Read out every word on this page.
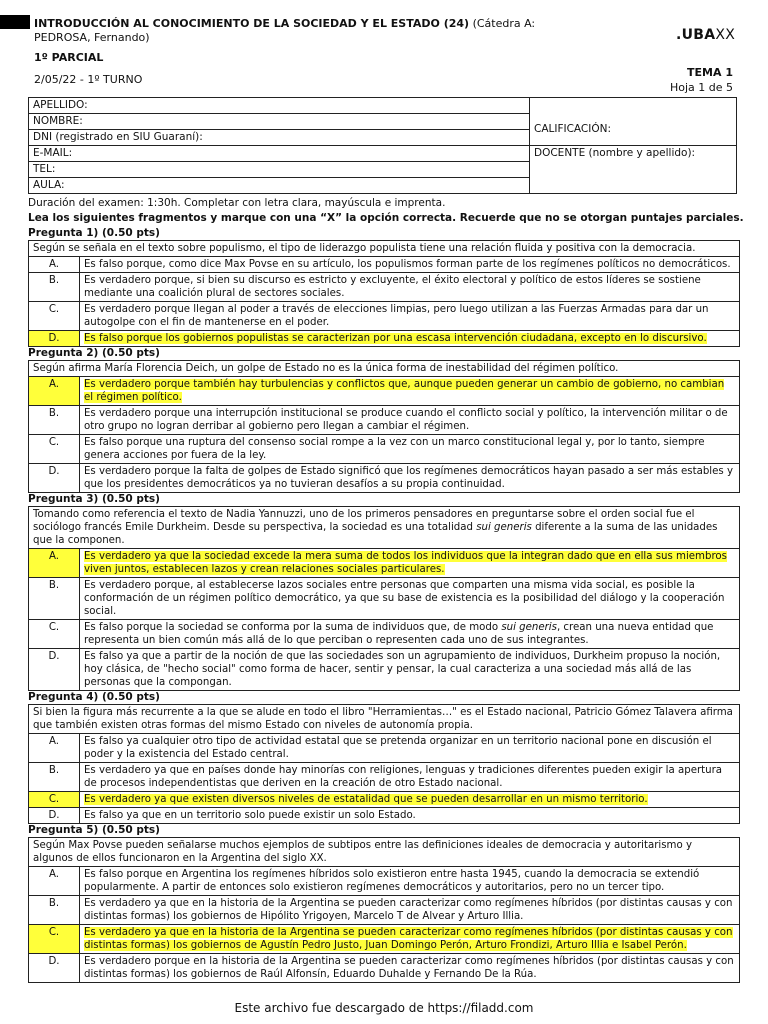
INTRODUCCIÓN AL CONOCIMIENTO DE LA SOCIEDAD Y EL ESTADO (24) (Cátedra A: PEDROSA, Fernando)
1º PARCIAL
2/05/22 - 1º TURNO
.UBAXX
TEMA 1
Hoja 1 de 5
APELLIDO:	
NOMBRE:	CALIFICACIÓN:
DNI (registrado en SIU Guaraní):	
E-MAIL:	DOCENTE (nombre y apellido):
TEL:	
AULA:	
Duración del examen: 1:30h. Completar con letra clara, mayúscula e imprenta.
Lea los siguientes fragmentos y marque con una “X” la opción correcta. Recuerde que no se otorgan puntajes parciales.
Pregunta 1) (0.50 pts)
Según se señala en el texto sobre populismo, el tipo de liderazgo populista tiene una relación fluida y positiva con la democracia.
A.	Es falso porque, como dice Max Povse en su artículo, los populismos forman parte de los regímenes políticos no democráticos.
B.	Es verdadero porque, si bien su discurso es estricto y excluyente, el éxito electoral y político de estos líderes se sostiene mediante una coalición plural de sectores sociales.
C.	Es verdadero porque llegan al poder a través de elecciones limpias, pero luego utilizan a las Fuerzas Armadas para dar un autogolpe con el fin de mantenerse en el poder.
D.	Es falso porque los gobiernos populistas se caracterizan por una escasa intervención ciudadana, excepto en lo discursivo.
Pregunta 2) (0.50 pts)
Según afirma María Florencia Deich, un golpe de Estado no es la única forma de inestabilidad del régimen político.
A.	Es verdadero porque también hay turbulencias y conflictos que, aunque pueden generar un cambio de gobierno, no cambian el régimen político.
B.	Es verdadero porque una interrupción institucional se produce cuando el conflicto social y político, la intervención militar o de otro grupo no logran derribar al gobierno pero llegan a cambiar el régimen.
C.	Es falso porque una ruptura del consenso social rompe a la vez con un marco constitucional legal y, por lo tanto, siempre genera acciones por fuera de la ley.
D.	Es verdadero porque la falta de golpes de Estado significó que los regímenes democráticos hayan pasado a ser más estables y que los presidentes democráticos ya no tuvieran desafíos a su propia continuidad.
Pregunta 3) (0.50 pts)
Tomando como referencia el texto de Nadia Yannuzzi, uno de los primeros pensadores en preguntarse sobre el orden social fue el sociólogo francés Emile Durkheim. Desde su perspectiva, la sociedad es una totalidad sui generis diferente a la suma de las unidades que la componen.
A.	Es verdadero ya que la sociedad excede la mera suma de todos los individuos que la integran dado que en ella sus miembros viven juntos, establecen lazos y crean relaciones sociales particulares.
B.	Es verdadero porque, al establecerse lazos sociales entre personas que comparten una misma vida social, es posible la conformación de un régimen político democrático, ya que su base de existencia es la posibilidad del diálogo y la cooperación social.
C.	Es falso porque la sociedad se conforma por la suma de individuos que, de modo sui generis, crean una nueva entidad que representa un bien común más allá de lo que perciban o representen cada uno de sus integrantes.
D.	Es falso ya que a partir de la noción de que las sociedades son un agrupamiento de individuos, Durkheim propuso la noción, hoy clásica, de "hecho social" como forma de hacer, sentir y pensar, la cual caracteriza a una sociedad más allá de las personas que la compongan.
Pregunta 4) (0.50 pts)
Si bien la figura más recurrente a la que se alude en todo el libro "Herramientas…" es el Estado nacional, Patricio Gómez Talavera afirma que también existen otras formas del mismo Estado con niveles de autonomía propia.
A.	Es falso ya cualquier otro tipo de actividad estatal que se pretenda organizar en un territorio nacional pone en discusión el poder y la existencia del Estado central.
B.	Es verdadero ya que en países donde hay minorías con religiones, lenguas y tradiciones diferentes pueden exigir la apertura de procesos independentistas que deriven en la creación de otro Estado nacional.
C.	Es verdadero ya que existen diversos niveles de estatalidad que se pueden desarrollar en un mismo territorio.
D.	Es falso ya que en un territorio solo puede existir un solo Estado.
Pregunta 5) (0.50 pts)
Según Max Povse pueden señalarse muchos ejemplos de subtipos entre las definiciones ideales de democracia y autoritarismo y algunos de ellos funcionaron en la Argentina del siglo XX.
A.	Es falso porque en Argentina los regímenes híbridos solo existieron entre hasta 1945, cuando la democracia se extendió popularmente. A partir de entonces solo existieron regímenes democráticos y autoritarios, pero no un tercer tipo.
B.	Es verdadero ya que en la historia de la Argentina se pueden caracterizar como regímenes híbridos (por distintas causas y con distintas formas) los gobiernos de Hipólito Yrigoyen, Marcelo T de Alvear y Arturo Illia.
C.	Es verdadero ya que en la historia de la Argentina se pueden caracterizar como regímenes híbridos (por distintas causas y con distintas formas) los gobiernos de Agustín Pedro Justo, Juan Domingo Perón, Arturo Frondizi, Arturo Illia e Isabel Perón.
D.	Es verdadero porque en la historia de la Argentina se pueden caracterizar como regímenes híbridos (por distintas causas y con distintas formas) los gobiernos de Raúl Alfonsín, Eduardo Duhalde y Fernando De la Rúa.
Este archivo fue descargado de https://filadd.com
